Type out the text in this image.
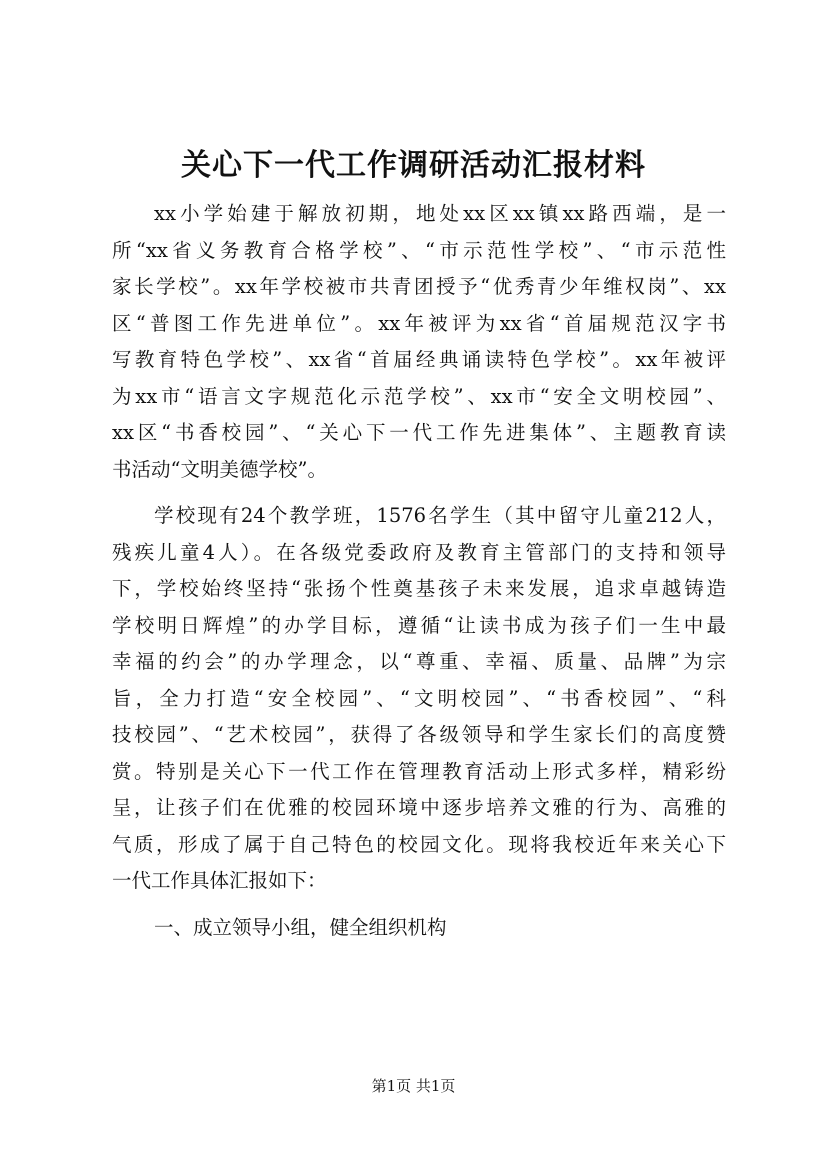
关心下一代工作调研活动汇报材料
xx小学始建于解放初期，地处xx区xx镇xx路西端，是一
所“xx省义务教育合格学校”、“市示范性学校”、“市示范性
家长学校”。xx年学校被市共青团授予“优秀青少年维权岗”、xx
区“普图工作先进单位”。xx年被评为xx省“首届规范汉字书
写教育特色学校”、xx省“首届经典诵读特色学校”。xx年被评
为xx市“语言文字规范化示范学校”、xx市“安全文明校园”、
xx区“书香校园”、“关心下一代工作先进集体”、主题教育读
书活动“文明美德学校”。
学校现有24个教学班，1576名学生（其中留守儿童212人，
残疾儿童4人）。在各级党委政府及教育主管部门的支持和领导
下，学校始终坚持“张扬个性奠基孩子未来发展，追求卓越铸造
学校明日辉煌”的办学目标，遵循“让读书成为孩子们一生中最
幸福的约会”的办学理念，以“尊重、幸福、质量、品牌”为宗
旨，全力打造“安全校园”、“文明校园”、“书香校园”、“科
技校园”、“艺术校园”，获得了各级领导和学生家长们的高度赞
赏。特别是关心下一代工作在管理教育活动上形式多样，精彩纷
呈，让孩子们在优雅的校园环境中逐步培养文雅的行为、高雅的
气质，形成了属于自己特色的校园文化。现将我校近年来关心下
一代工作具体汇报如下：
一、成立领导小组，健全组织机构
第1页 共1页
